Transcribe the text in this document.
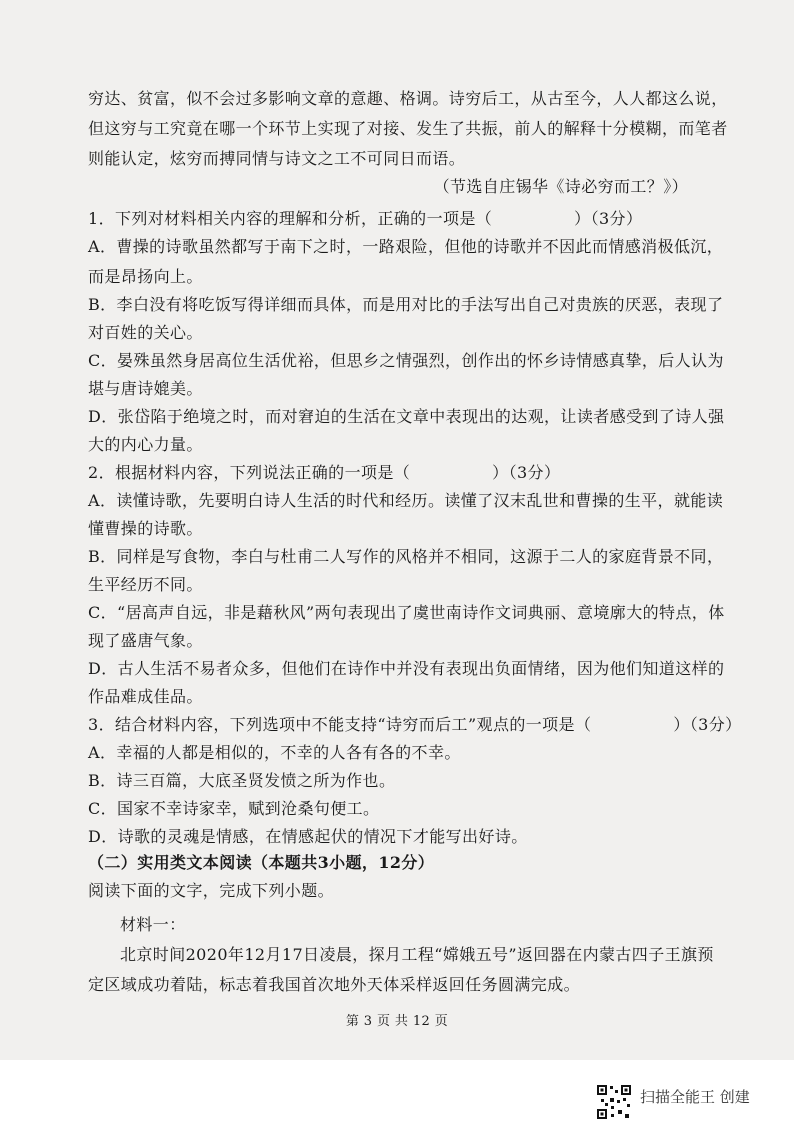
穷达、贫富，似不会过多影响文章的意趣、格调。诗穷后工，从古至今，人人都这么说，
但这穷与工究竟在哪一个环节上实现了对接、发生了共振，前人的解释十分模糊，而笔者
则能认定，炫穷而搏同情与诗文之工不可同日而语。
（节选自庄锡华《诗必穷而工？》）
1．下列对材料相关内容的理解和分析，正确的一项是（　　　　　）（3分）
A．曹操的诗歌虽然都写于南下之时，一路艰险，但他的诗歌并不因此而情感消极低沉，
而是昂扬向上。
B．李白没有将吃饭写得详细而具体，而是用对比的手法写出自己对贵族的厌恶，表现了
对百姓的关心。
C．晏殊虽然身居高位生活优裕，但思乡之情强烈，创作出的怀乡诗情感真挚，后人认为
堪与唐诗媲美。
D．张岱陷于绝境之时，而对窘迫的生活在文章中表现出的达观，让读者感受到了诗人强
大的内心力量。
2．根据材料内容，下列说法正确的一项是（　　　　　）（3分）
A．读懂诗歌，先要明白诗人生活的时代和经历。读懂了汉末乱世和曹操的生平，就能读
懂曹操的诗歌。
B．同样是写食物，李白与杜甫二人写作的风格并不相同，这源于二人的家庭背景不同，
生平经历不同。
C．“居高声自远，非是藉秋风”两句表现出了虞世南诗作文词典丽、意境廓大的特点，体
现了盛唐气象。
D．古人生活不易者众多，但他们在诗作中并没有表现出负面情绪，因为他们知道这样的
作品难成佳品。
3．结合材料内容，下列选项中不能支持“诗穷而后工”观点的一项是（　　　　　）（3分）
A．幸福的人都是相似的，不幸的人各有各的不幸。
B．诗三百篇，大底圣贤发愤之所为作也。
C．国家不幸诗家幸，赋到沧桑句便工。
D．诗歌的灵魂是情感，在情感起伏的情况下才能写出好诗。
（二）实用类文本阅读（本题共3小题，12分）
阅读下面的文字，完成下列小题。
材料一：
北京时间2020年12月17日凌晨，探月工程“嫦娥五号”返回器在内蒙古四子王旗预
定区域成功着陆，标志着我国首次地外天体采样返回任务圆满完成。
第 3 页 共 12 页
扫描全能王 创建
